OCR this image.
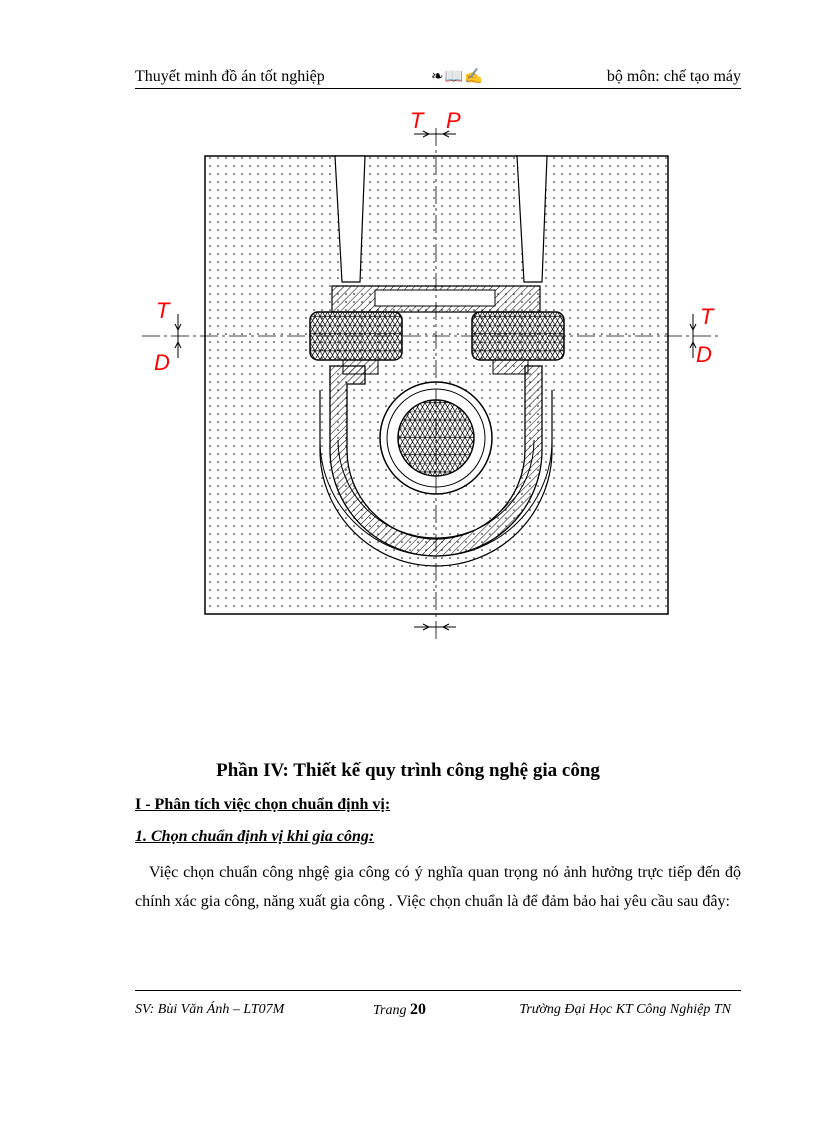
Thuyết minh đồ án tốt nghiệp	❧📖✍	bộ môn: chế tạo máy
T P
T
D
T
D
Phần IV: Thiết kế quy trình công nghệ gia công
I - Phân tích việc chọn chuẩn định vị:
1. Chọn chuẩn định vị khi gia công:

Việc chọn chuẩn công nhgệ gia công có ý nghĩa quan trọng nó ảnh hưởng trực tiếp đến độ chính xác gia công, năng xuất gia công . Việc chọn chuẩn là để đảm bảo hai yêu cầu sau đây:

SV: Bùi Văn Ánh – LT07M	Trang 20	Trường Đại Học KT Công Nghiệp TN
